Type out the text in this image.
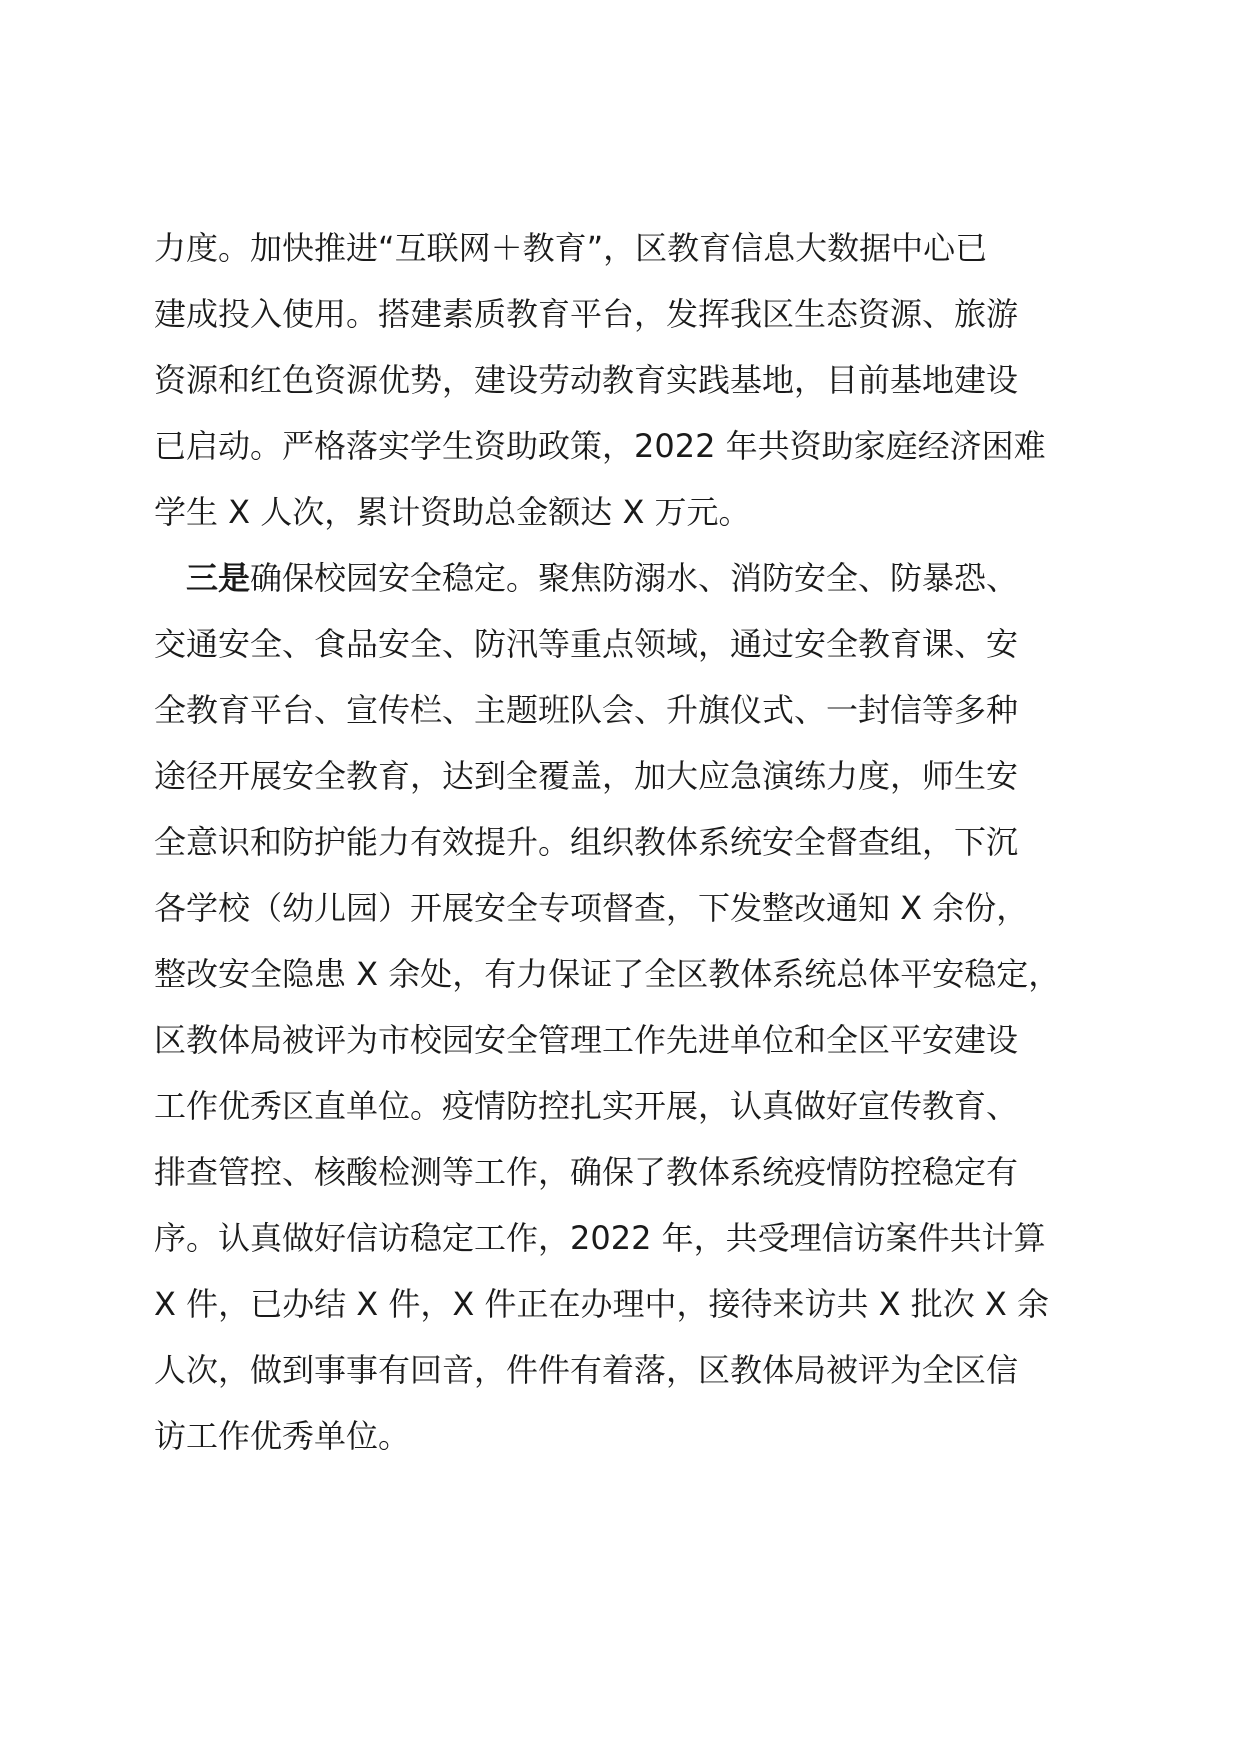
力度。加快推进“互联网＋教育”，区教育信息大数据中心已
建成投入使用。搭建素质教育平台，发挥我区生态资源、旅游
资源和红色资源优势，建设劳动教育实践基地，目前基地建设
已启动。严格落实学生资助政策，2022 年共资助家庭经济困难
学生 X 人次，累计资助总金额达 X 万元。
三是确保校园安全稳定。聚焦防溺水、消防安全、防暴恐、
交通安全、食品安全、防汛等重点领域，通过安全教育课、安
全教育平台、宣传栏、主题班队会、升旗仪式、一封信等多种
途径开展安全教育，达到全覆盖，加大应急演练力度，师生安
全意识和防护能力有效提升。组织教体系统安全督查组，下沉
各学校（幼儿园）开展安全专项督查，下发整改通知 X 余份，
整改安全隐患 X 余处，有力保证了全区教体系统总体平安稳定，
区教体局被评为市校园安全管理工作先进单位和全区平安建设
工作优秀区直单位。疫情防控扎实开展，认真做好宣传教育、
排查管控、核酸检测等工作，确保了教体系统疫情防控稳定有
序。认真做好信访稳定工作，2022 年，共受理信访案件共计算
X 件，已办结 X 件，X 件正在办理中，接待来访共 X 批次 X 余
人次，做到事事有回音，件件有着落，区教体局被评为全区信
访工作优秀单位。
